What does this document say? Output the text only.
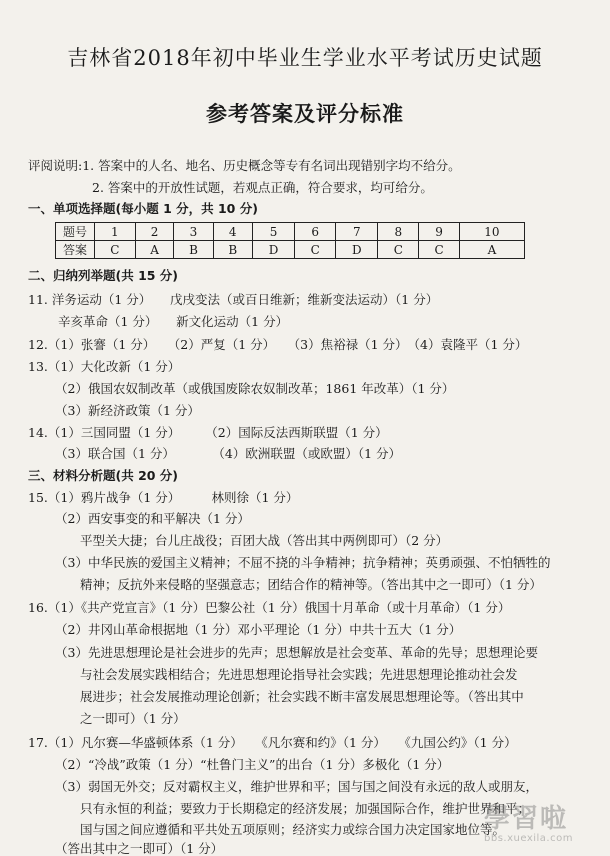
吉林省2018年初中毕业生学业水平考试历史试题
参考答案及评分标准
评阅说明:1. 答案中的人名、地名、历史概念等专有名词出现错别字均不给分。
2. 答案中的开放性试题，若观点正确，符合要求，均可给分。
一、单项选择题(每小题 1 分，共 10 分)
题号	1	2	3	4	5	6	7	8	9	10
答案	C	A	B	B	D	C	D	C	C	A
二、归纳列举题(共 15 分)
11. 洋务运动（1 分）　　戊戌变法（或百日维新；维新变法运动）（1 分）
辛亥革命（1 分）　　新文化运动（1 分）
12.（1）张謇（1 分）　　（2）严复（1 分）　　（3）焦裕禄（1 分）　（4）袁隆平（1 分）
13.（1）大化改新（1 分）
（2）俄国农奴制改革（或俄国废除农奴制改革；1861 年改革）（1 分）
（3）新经济政策（1 分）
14.（1）三国同盟（1 分）　　　（2）国际反法西斯联盟（1 分）
（3）联合国（1 分）　　　　（4）欧洲联盟（或欧盟）（1 分）
三、材料分析题(共 20 分)
15.（1）鸦片战争（1 分）　　　林则徐（1 分）
（2）西安事变的和平解决（1 分）
平型关大捷；台儿庄战役；百团大战（答出其中两例即可）（2 分）
（3）中华民族的爱国主义精神；不屈不挠的斗争精神；抗争精神；英勇顽强、不怕牺牲的
精神；反抗外来侵略的坚强意志；团结合作的精神等。（答出其中之一即可）（1 分）
16.（1）《共产党宣言》（1 分）巴黎公社（1 分）俄国十月革命（或十月革命）（1 分）
（2）井冈山革命根据地（1 分）邓小平理论（1 分）中共十五大（1 分）
（3）先进思想理论是社会进步的先声；思想解放是社会变革、革命的先导；思想理论要
与社会发展实践相结合；先进思想理论指导社会实践；先进思想理论推动社会发
展进步；社会发展推动理论创新；社会实践不断丰富发展思想理论等。（答出其中
之一即可）（1 分）
17.（1）凡尔赛—华盛顿体系（1 分）　　《凡尔赛和约》（1 分）　　《九国公约》（1 分）
（2）“冷战”政策（1 分）“杜鲁门主义”的出台（1 分）多极化（1 分）
（3）弱国无外交；反对霸权主义，维护世界和平；国与国之间没有永远的敌人或朋友，
只有永恒的利益；要致力于长期稳定的经济发展；加强国际合作，维护世界和平；
国与国之间应遵循和平共处五项原则；经济实力或综合国力决定国家地位等。
（答出其中之一即可）（1 分）
學習啦
bbs.xuexila.com
